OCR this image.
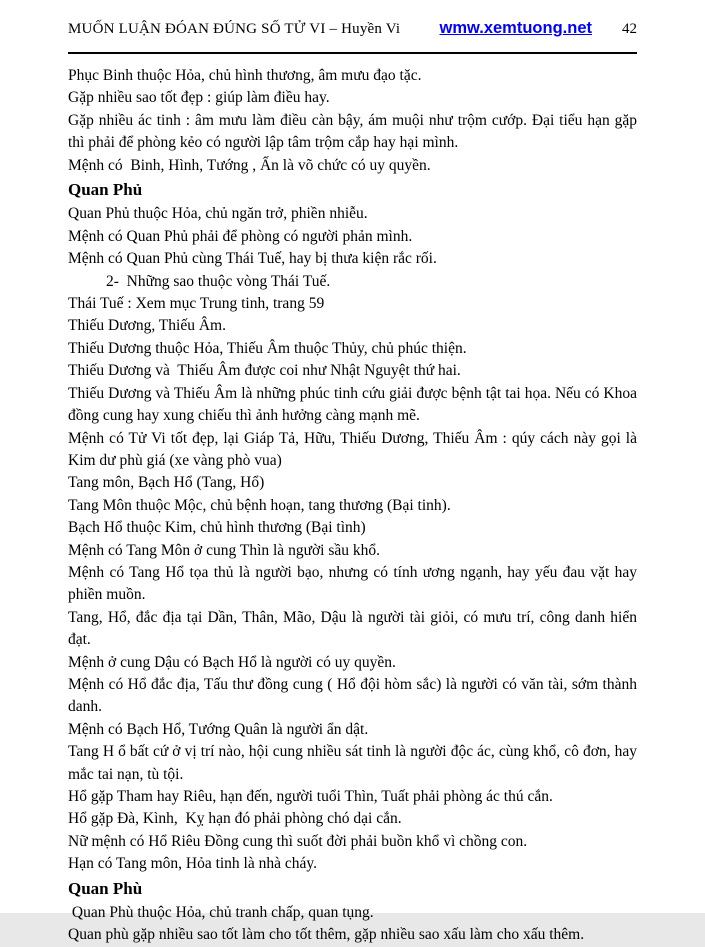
MUỐN LUẬN ĐÓAN ĐÚNG SỐ TỬ VI – Huyền Vi	wmw.xemtuong.net 42

Phục Binh thuộc Hỏa, chủ hình thương, âm mưu đạo tặc.

Gặp nhiều sao tốt đẹp : giúp làm điều hay.

Gặp nhiều ác tinh : âm mưu làm điều càn bậy, ám muội như trộm cướp. Đại tiểu hạn gặp thì phải để phòng kẻo có người lập tâm trộm cắp hay hại mình.

Mệnh có  Binh, Hình, Tướng , Ấn là võ chức có uy quyền.

Quan Phủ

Quan Phủ thuộc Hỏa, chủ ngăn trở, phiền nhiễu.

Mệnh có Quan Phủ phải để phòng có người phản mình.

Mệnh có Quan Phủ cùng Thái Tuế, hay bị thưa kiện rắc rối.

2-  Những sao thuộc vòng Thái Tuế.

Thái Tuế : Xem mục Trung tinh, trang 59

Thiếu Dương, Thiếu Âm.

Thiếu Dương thuộc Hỏa, Thiếu Âm thuộc Thủy, chủ phúc thiện.

Thiếu Dương và  Thiếu Âm được coi như Nhật Nguyệt thứ hai.

Thiếu Dương và Thiếu Âm là những phúc tinh cứu giải được bệnh tật tai họa. Nếu có Khoa đồng cung hay xung chiếu thì ảnh hưởng càng mạnh mẽ.

Mệnh có Tử Vi tốt đẹp, lại Giáp Tả, Hữu, Thiếu Dương, Thiếu Âm : qúy cách này gọi là Kim dư phù giá (xe vàng phò vua)

Tang môn, Bạch Hổ (Tang, Hổ)

Tang Môn thuộc Mộc, chủ bệnh hoạn, tang thương (Bại tinh).

Bạch Hổ thuộc Kim, chủ hình thương (Bại tình)

Mệnh có Tang Môn ở cung Thìn là người sầu khổ.

Mệnh có Tang Hổ tọa thủ là người bạo, nhưng có tính ương ngạnh, hay yếu đau vặt hay phiền muồn.

Tang, Hổ, đắc địa tại Dần, Thân, Mão, Dậu là người tài giỏi, có mưu trí, công danh hiển đạt.

Mệnh ở cung Dậu có Bạch Hổ là người có uy quyền.

Mệnh có Hổ đắc địa, Tấu thư đồng cung ( Hổ đội hòm sắc) là người có văn tài, sớm thành danh.

Mệnh có Bạch Hổ, Tướng Quân là người ẩn dật.

Tang H ổ bất cứ ở vị trí nào, hội cung nhiều sát tinh là người độc ác, cùng khổ, cô đơn, hay mắc tai nạn, tù tội.

Hổ gặp Tham hay Riêu, hạn đến, người tuổi Thìn, Tuất phải phòng ác thú cắn.

Hổ gặp Đà, Kình,  Kỵ hạn đó phải phòng chó dại cắn.

Nữ mệnh có Hổ Riêu Đồng cung thì suốt đời phải buồn khổ vì chồng con.

Hạn có Tang môn, Hỏa tinh là nhà cháy.

Quan Phù

Quan Phù thuộc Hỏa, chủ tranh chấp, quan tụng.

Quan phù gặp nhiều sao tốt làm cho tốt thêm, gặp nhiều sao xấu làm cho xấu thêm.
